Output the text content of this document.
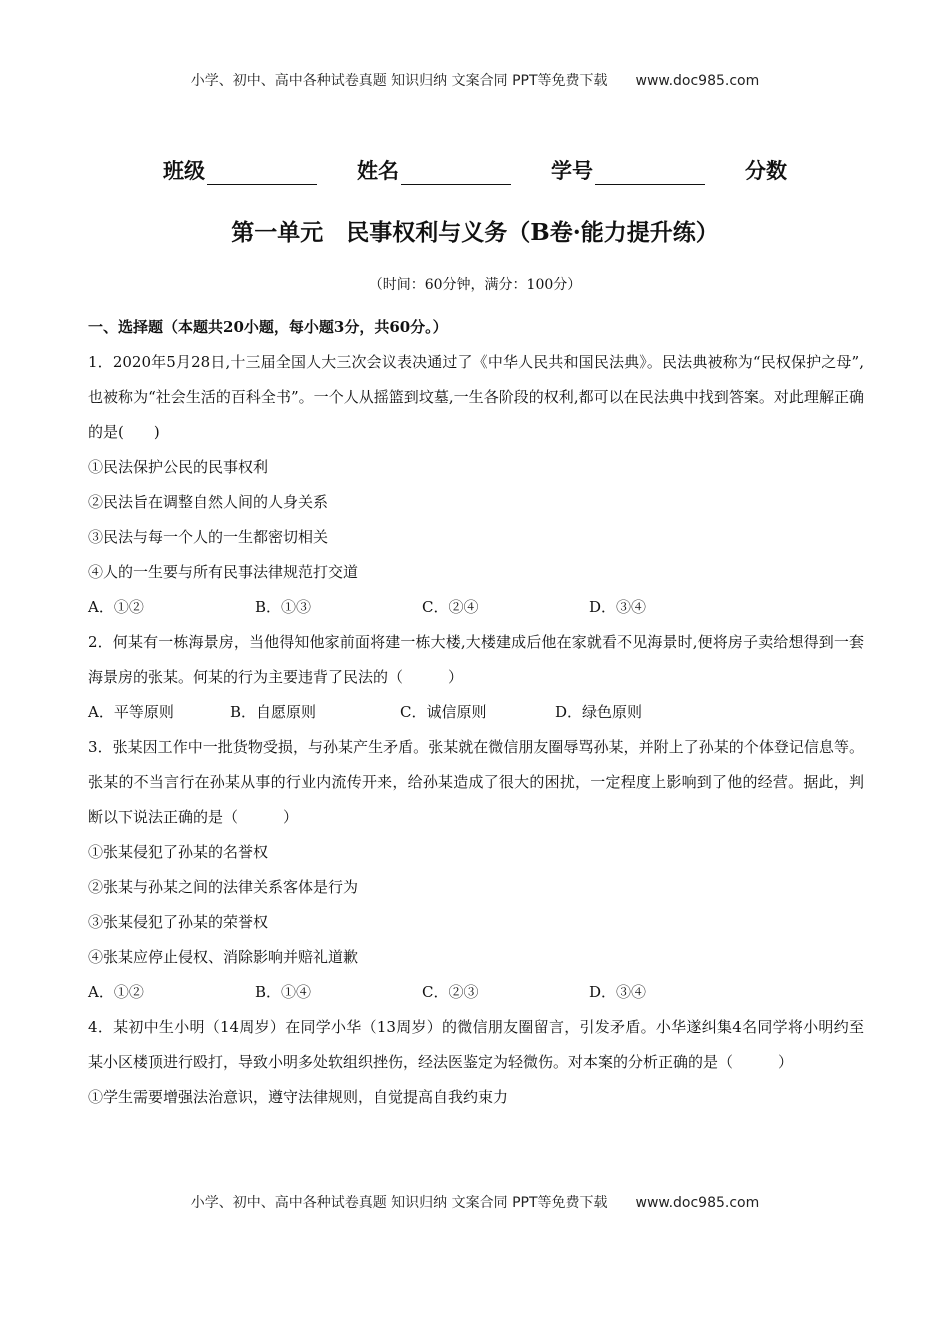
小学、初中、高中各种试卷真题 知识归纳 文案合同 PPT等免费下载 www.doc985.com
班级	姓名	学号	分数
第一单元　民事权利与义务（B卷·能力提升练）
（时间：60分钟，满分：100分）

一、选择题（本题共20小题，每小题3分，共60分。）

1．2020年5月28日,十三届全国人大三次会议表决通过了《中华人民共和国民法典》。民法典被称为“民权保护之母”,也被称为“社会生活的百科全书”。一个人从摇篮到坟墓,一生各阶段的权利,都可以在民法典中找到答案。对此理解正确的是(　　)

①民法保护公民的民事权利

②民法旨在调整自然人间的人身关系

③民法与每一个人的一生都密切相关

④人的一生要与所有民事法律规范打交道

A．①②	B．①③	C．②④	D．③④

2．何某有一栋海景房，当他得知他家前面将建一栋大楼,大楼建成后他在家就看不见海景时,便将房子卖给想得到一套海景房的张某。何某的行为主要违背了民法的（　　　）

A．平等原则	B．自愿原则	C．诚信原则	D．绿色原则

3．张某因工作中一批货物受损，与孙某产生矛盾。张某就在微信朋友圈辱骂孙某，并附上了孙某的个体登记信息等。张某的不当言行在孙某从事的行业内流传开来，给孙某造成了很大的困扰，一定程度上影响到了他的经营。据此，判断以下说法正确的是（　　　）

①张某侵犯了孙某的名誉权

②张某与孙某之间的法律关系客体是行为

③张某侵犯了孙某的荣誉权

④张某应停止侵权、消除影响并赔礼道歉

A．①②	B．①④	C．②③	D．③④

4．某初中生小明（14周岁）在同学小华（13周岁）的微信朋友圈留言，引发矛盾。小华遂纠集4名同学将小明约至某小区楼顶进行殴打，导致小明多处软组织挫伤，经法医鉴定为轻微伤。对本案的分析正确的是（　　　）

①学生需要增强法治意识，遵守法律规则，自觉提高自我约束力

小学、初中、高中各种试卷真题 知识归纳 文案合同 PPT等免费下载 www.doc985.com
